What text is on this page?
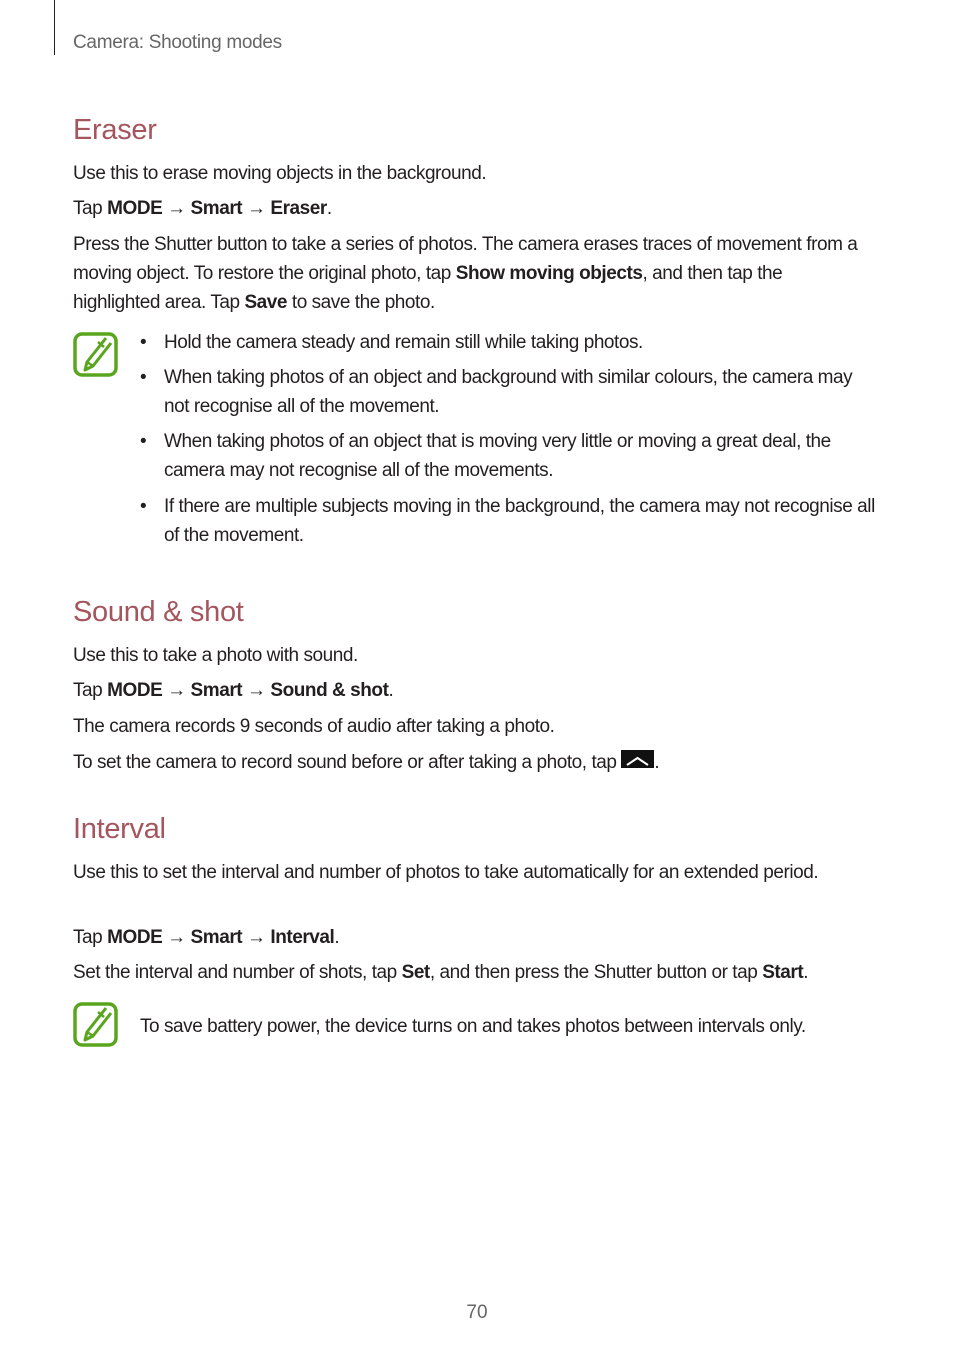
Camera: Shooting modes
Eraser
Use this to erase moving objects in the background.
Tap MODE → Smart → Eraser.
Press the Shutter button to take a series of photos. The camera erases traces of movement from a moving object. To restore the original photo, tap Show moving objects, and then tap the highlighted area. Tap Save to save the photo.
• Hold the camera steady and remain still while taking photos.
• When taking photos of an object and background with similar colours, the camera may not recognise all of the movement.
• When taking photos of an object that is moving very little or moving a great deal, the camera may not recognise all of the movements.
• If there are multiple subjects moving in the background, the camera may not recognise all of the movement.
Sound & shot
Use this to take a photo with sound.
Tap MODE → Smart → Sound & shot.
The camera records 9 seconds of audio after taking a photo.
To set the camera to record sound before or after taking a photo, tap .
Interval
Use this to set the interval and number of photos to take automatically for an extended period.
Tap MODE → Smart → Interval.
Set the interval and number of shots, tap Set, and then press the Shutter button or tap Start.
To save battery power, the device turns on and takes photos between intervals only.
70
